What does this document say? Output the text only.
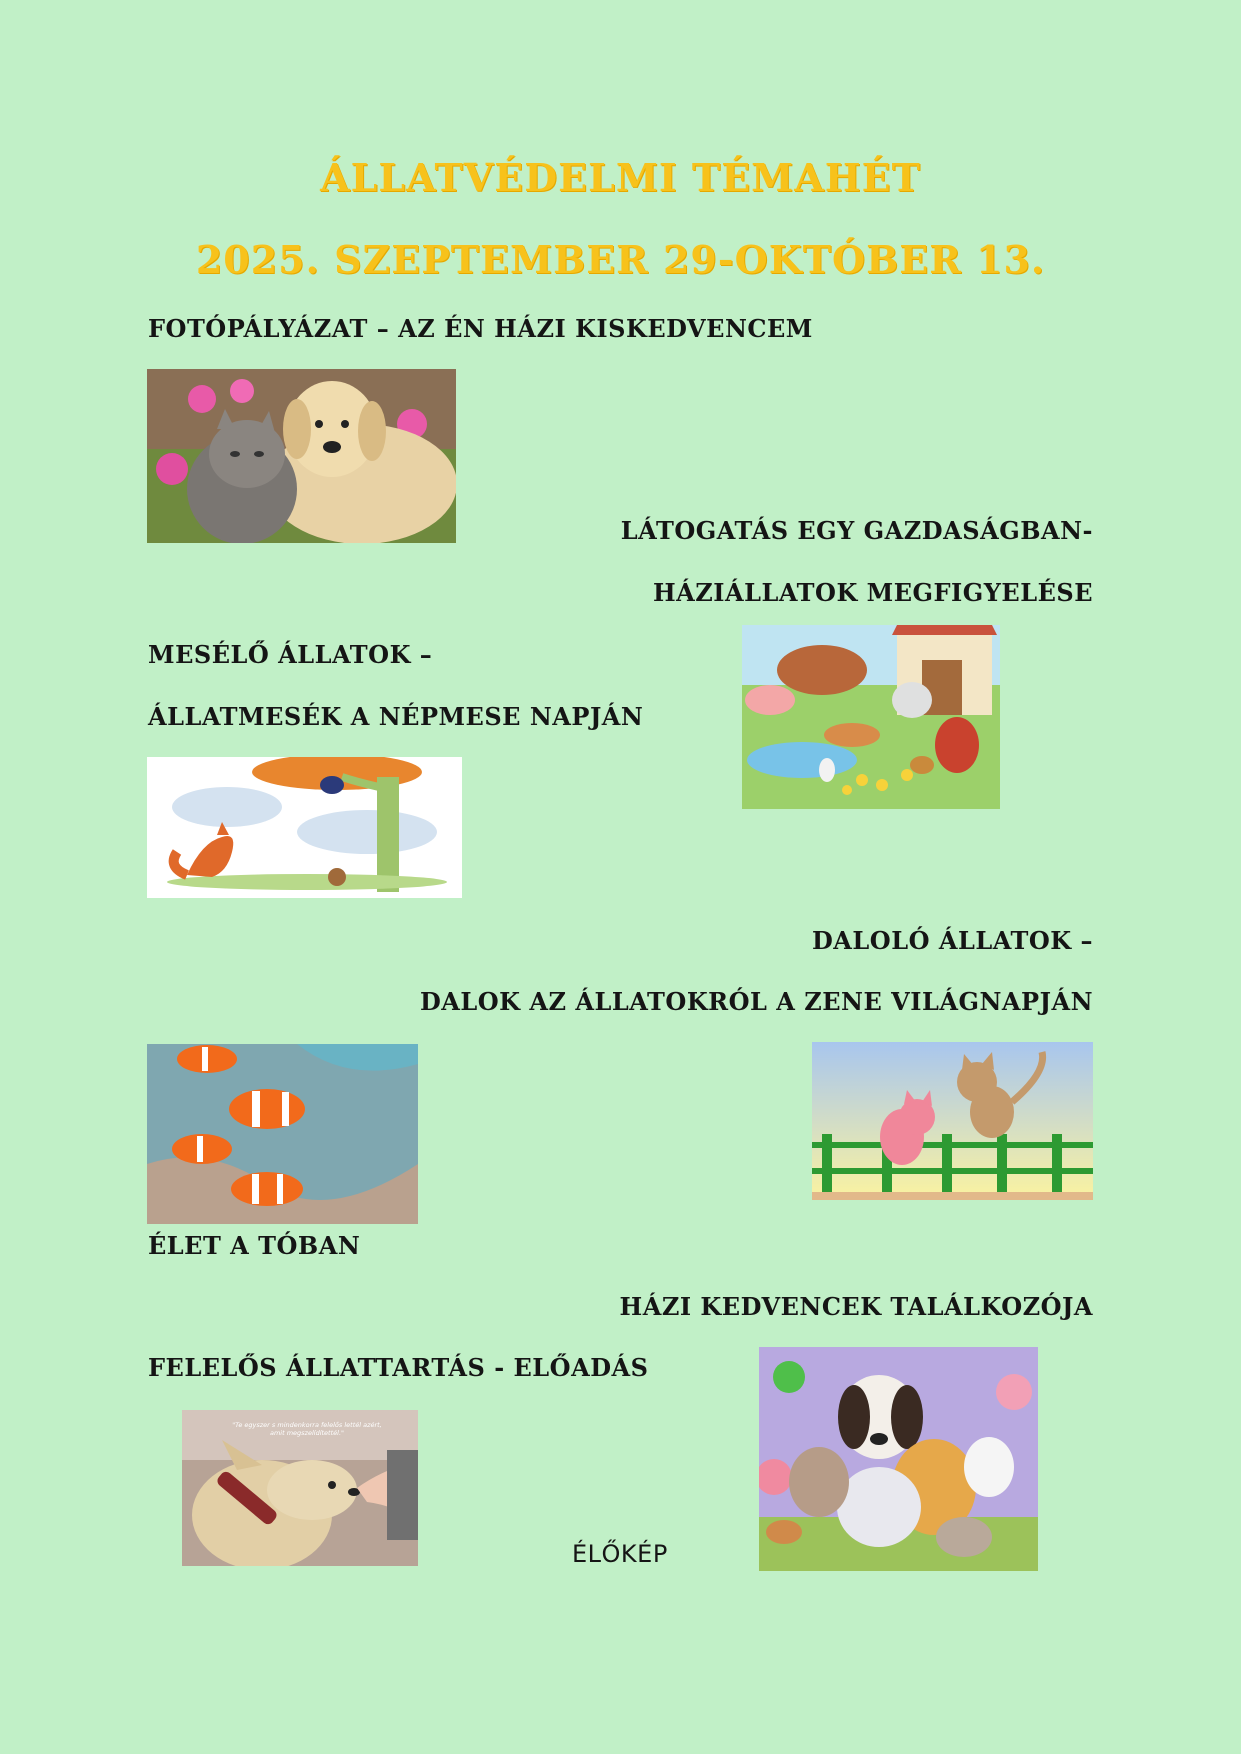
ÁLLATVÉDELMI TÉMAHÉT
2025. SZEPTEMBER 29-OKTÓBER 13.
FOTÓPÁLYÁZAT – AZ ÉN HÁZI KISKEDVENCEM
LÁTOGATÁS EGY GAZDASÁGBAN-
HÁZIÁLLATOK MEGFIGYELÉSE
MESÉLŐ ÁLLATOK –
ÁLLATMESÉK A NÉPMESE NAPJÁN
DALOLÓ ÁLLATOK –
DALOK AZ ÁLLATOKRÓL A ZENE VILÁGNAPJÁN
ÉLET A TÓBAN
HÁZI KEDVENCEK TALÁLKOZÓJA
FELELŐS ÁLLATTARTÁS - ELŐADÁS
"Te egyszer s mindenkorra felelős lettél azért, amit megszelídítettél."
ÉLŐKÉP
